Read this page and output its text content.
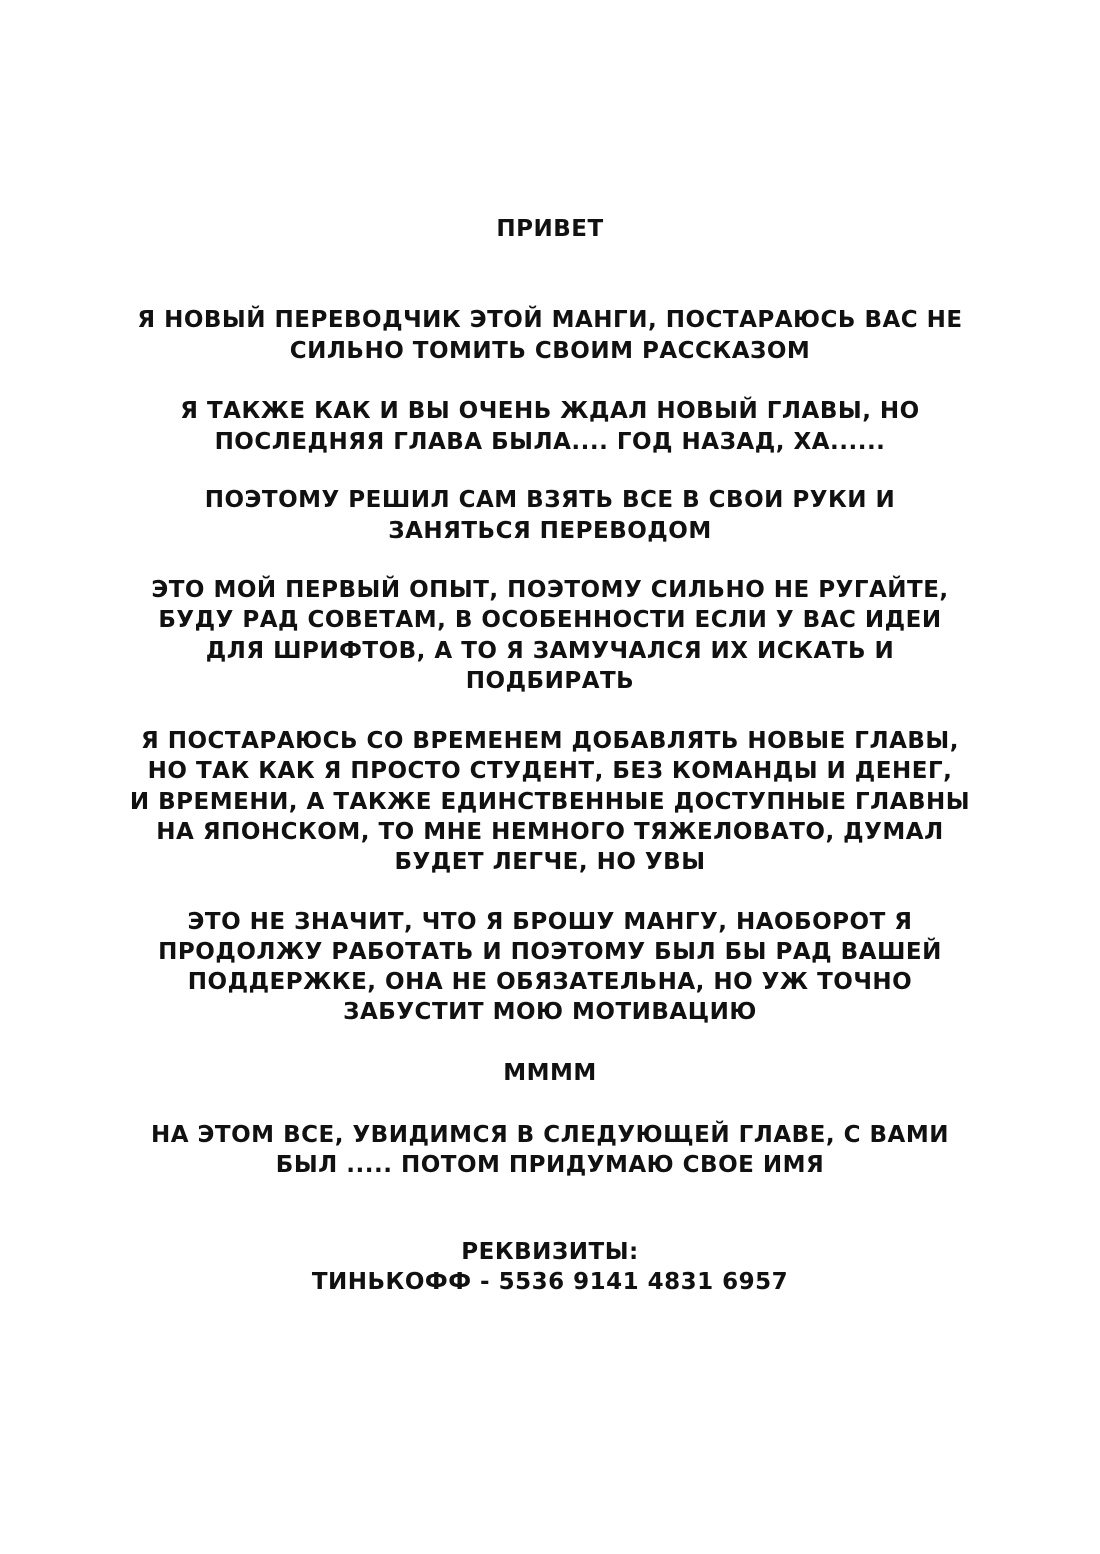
ПРИВЕТ
Я НОВЫЙ ПЕРЕВОДЧИК ЭТОЙ МАНГИ, ПОСТАРАЮСЬ ВАС НЕ
СИЛЬНО ТОМИТЬ СВОИМ РАССКАЗОМ
Я ТАКЖЕ КАК И ВЫ ОЧЕНЬ ЖДАЛ НОВЫЙ ГЛАВЫ, НО
ПОСЛЕДНЯЯ ГЛАВА БЫЛА.... ГОД НАЗАД, ХА......
ПОЭТОМУ РЕШИЛ САМ ВЗЯТЬ ВСЕ В СВОИ РУКИ И
ЗАНЯТЬСЯ ПЕРЕВОДОМ
ЭТО МОЙ ПЕРВЫЙ ОПЫТ, ПОЭТОМУ СИЛЬНО НЕ РУГАЙТЕ,
БУДУ РАД СОВЕТАМ, В ОСОБЕННОСТИ ЕСЛИ У ВАС ИДЕИ
ДЛЯ ШРИФТОВ, А ТО Я ЗАМУЧАЛСЯ ИХ ИСКАТЬ И
ПОДБИРАТЬ
Я ПОСТАРАЮСЬ СО ВРЕМЕНЕМ ДОБАВЛЯТЬ НОВЫЕ ГЛАВЫ,
НО ТАК КАК Я ПРОСТО СТУДЕНТ, БЕЗ КОМАНДЫ И ДЕНЕГ,
И ВРЕМЕНИ, А ТАКЖЕ ЕДИНСТВЕННЫЕ ДОСТУПНЫЕ ГЛАВНЫ
НА ЯПОНСКОМ, ТО МНЕ НЕМНОГО ТЯЖЕЛОВАТО, ДУМАЛ
БУДЕТ ЛЕГЧЕ, НО УВЫ
ЭТО НЕ ЗНАЧИТ, ЧТО Я БРОШУ МАНГУ, НАОБОРОТ Я
ПРОДОЛЖУ РАБОТАТЬ И ПОЭТОМУ БЫЛ БЫ РАД ВАШЕЙ
ПОДДЕРЖКЕ, ОНА НЕ ОБЯЗАТЕЛЬНА, НО УЖ ТОЧНО
ЗАБУСТИТ МОЮ МОТИВАЦИЮ
ММММ
НА ЭТОМ ВСЕ, УВИДИМСЯ В СЛЕДУЮЩЕЙ ГЛАВЕ, С ВАМИ
БЫЛ ..... ПОТОМ ПРИДУМАЮ СВОЕ ИМЯ
РЕКВИЗИТЫ:
ТИНЬКОФФ - 5536 9141 4831 6957
